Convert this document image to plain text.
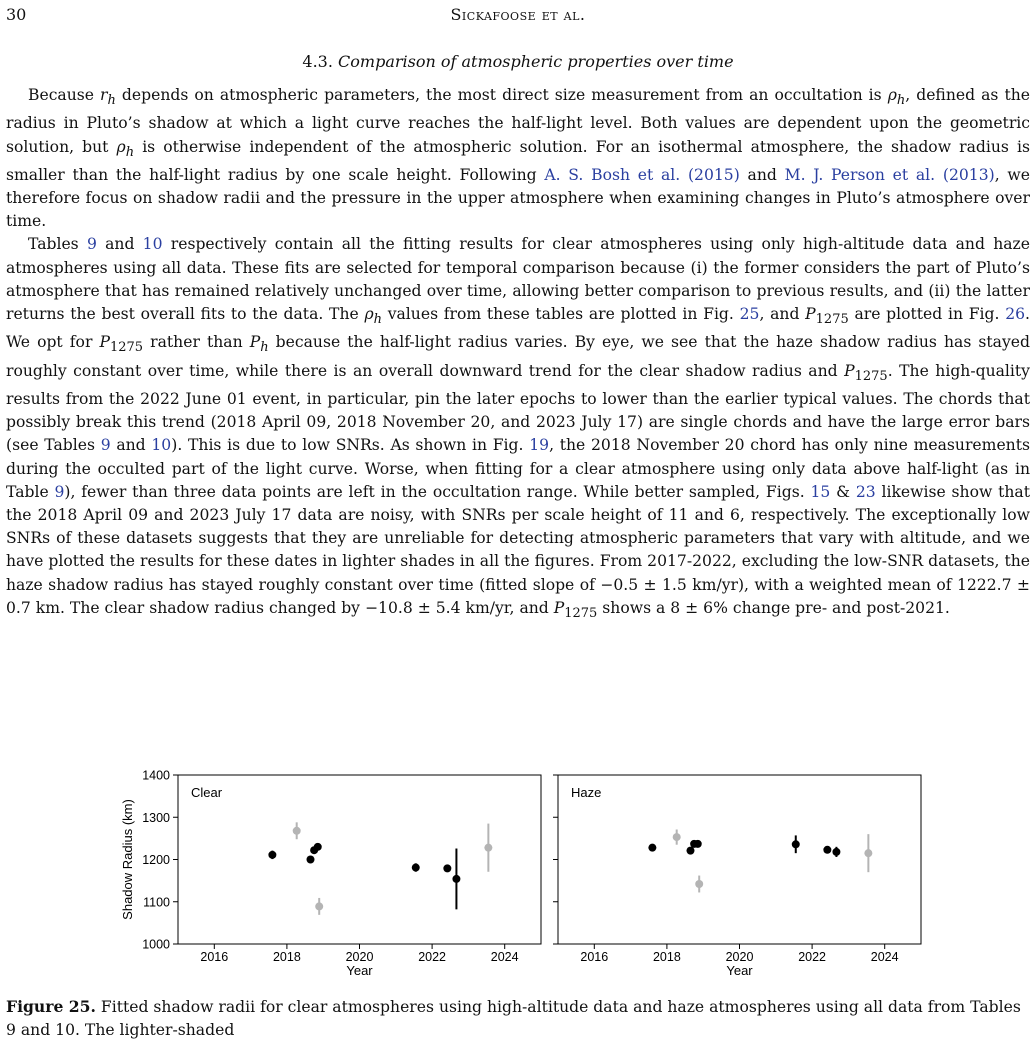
30	Sickafoose et al.
4.3. Comparison of atmospheric properties over time

Because $r_h$ depends on atmospheric parameters, the most direct size measurement from an occultation is $\rho_h$, defined as the radius in Pluto’s shadow at which a light curve reaches the half-light level. Both values are dependent upon the geometric solution, but $\rho_h$ is otherwise independent of the atmospheric solution. For an isothermal atmosphere, the shadow radius is smaller than the half-light radius by one scale height. Following A. S. Bosh et al. (2015) and M. J. Person et al. (2013), we therefore focus on shadow radii and the pressure in the upper atmosphere when examining changes in Pluto’s atmosphere over time.

Tables 9 and 10 respectively contain all the fitting results for clear atmospheres using only high-altitude data and haze atmospheres using all data. These fits are selected for temporal comparison because (i) the former considers the part of Pluto’s atmosphere that has remained relatively unchanged over time, allowing better comparison to previous results, and (ii) the latter returns the best overall fits to the data. The $\rho_h$ values from these tables are plotted in Fig. 25, and $P_{1275}$ are plotted in Fig. 26. We opt for $P_{1275}$ rather than $P_h$ because the half-light radius varies. By eye, we see that the haze shadow radius has stayed roughly constant over time, while there is an overall downward trend for the clear shadow radius and $P_{1275}$. The high-quality results from the 2022 June 01 event, in particular, pin the later epochs to lower than the earlier typical values. The chords that possibly break this trend (2018 April 09, 2018 November 20, and 2023 July 17) are single chords and have the large error bars (see Tables 9 and 10). This is due to low SNRs. As shown in Fig. 19, the 2018 November 20 chord has only nine measurements during the occulted part of the light curve. Worse, when fitting for a clear atmosphere using only data above half-light (as in Table 9), fewer than three data points are left in the occultation range. While better sampled, Figs. 15 & 23 likewise show that the 2018 April 09 and 2023 July 17 data are noisy, with SNRs per scale height of 11 and 6, respectively. The exceptionally low SNRs of these datasets suggests that they are unreliable for detecting atmospheric parameters that vary with altitude, and we have plotted the results for these dates in lighter shades in all the figures. From 2017-2022, excluding the low-SNR datasets, the haze shadow radius has stayed roughly constant over time (fitted slope of −0.5 ± 1.5 km/yr), with a weighted mean of 1222.7 ± 0.7 km. The clear shadow radius changed by −10.8 ± 5.4 km/yr, and $P_{1275}$ shows a 8 ± 6% change pre- and post-2021.

2016	2018	2020	2022	2024
1000
1100
1200
1300
1400
Year
Shadow Radius (km)
Clear
2016	2018	2020	2022	2024
Year
Haze
Figure 25. Fitted shadow radii for clear atmospheres using high-altitude data and haze atmospheres using all data from Tables 9 and 10. The lighter-shaded
